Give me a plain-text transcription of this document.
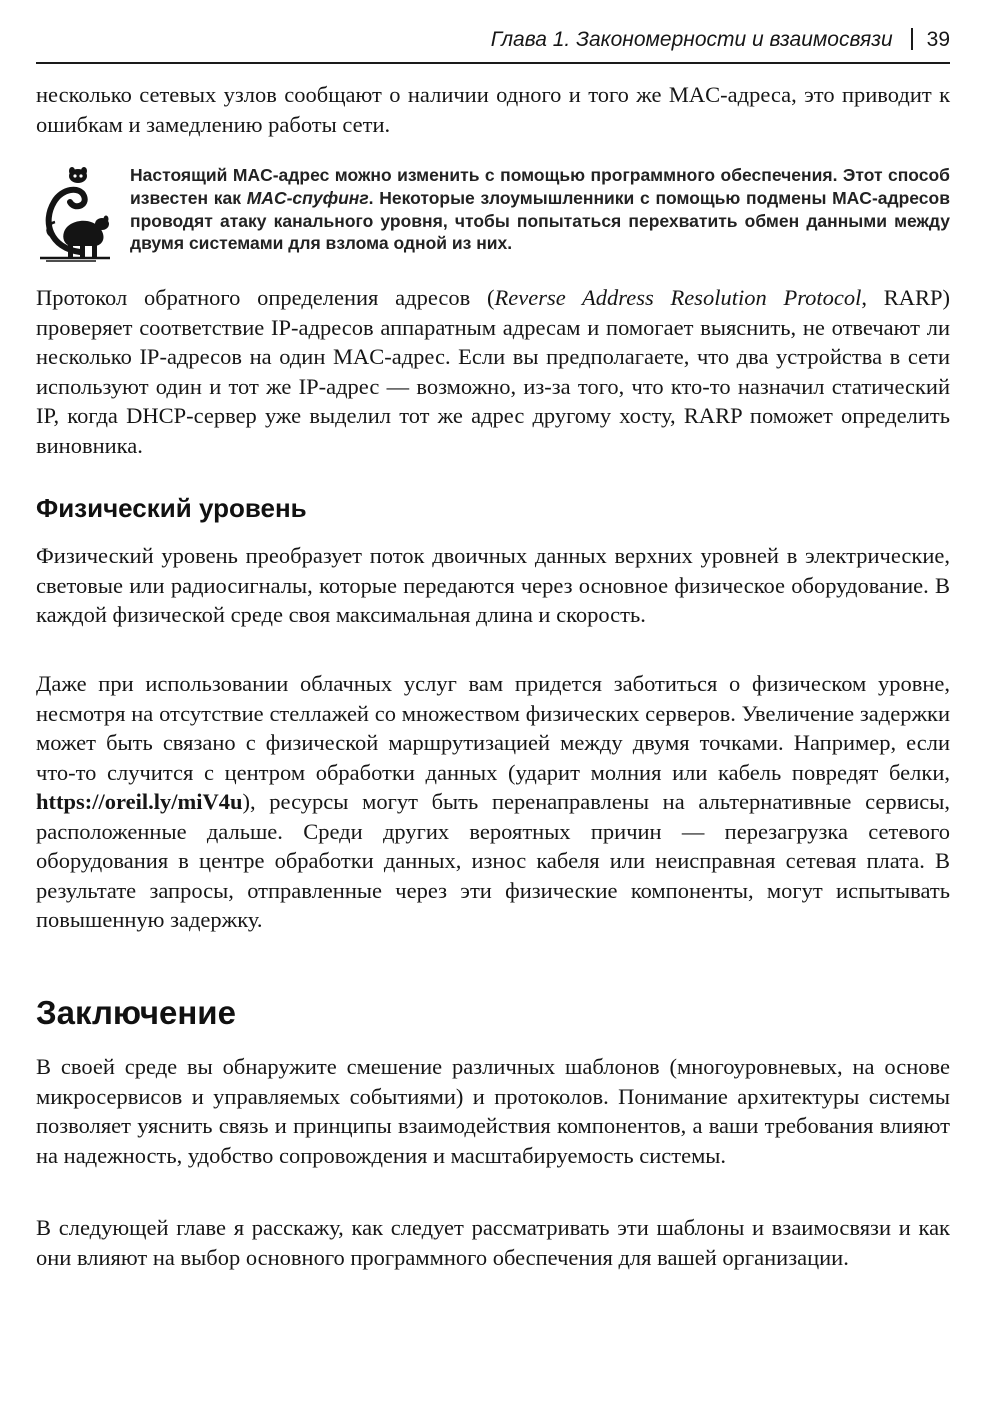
Глава 1. Закономерности и взаимосвязи 39

несколько сетевых узлов сообщают о наличии одного и того же MAC-адреса, это приводит к ошибкам и замедлению работы сети.

Настоящий MAC-адрес можно изменить с помощью программного обеспечения. Этот способ известен как MAC-спуфинг. Некоторые злоумышленники с помощью подмены MAC-адресов проводят атаку канального уровня, чтобы попытаться перехватить обмен данными между двумя системами для взлома одной из них.

Протокол обратного определения адресов (Reverse Address Resolution Protocol, RARP) проверяет соответствие IP-адресов аппаратным адресам и помогает выяснить, не отвечают ли несколько IP-адресов на один MAC-адрес. Если вы предполагаете, что два устройства в сети используют один и тот же IP-адрес — возможно, из-за того, что кто-то назначил статический IP, когда DHCP-сервер уже выделил тот же адрес другому хосту, RARP поможет определить виновника.

Физический уровень

Физический уровень преобразует поток двоичных данных верхних уровней в электрические, световые или радиосигналы, которые передаются через основное физическое оборудование. В каждой физической среде своя максимальная длина и скорость.

Даже при использовании облачных услуг вам придется заботиться о физическом уровне, несмотря на отсутствие стеллажей со множеством физических серверов. Увеличение задержки может быть связано с физической маршрутизацией между двумя точками. Например, если что-то случится с центром обработки данных (ударит молния или кабель повредят белки, https://oreil.ly/miV4u), ресурсы могут быть перенаправлены на альтернативные сервисы, расположенные дальше. Среди других вероятных причин — перезагрузка сетевого оборудования в центре обработки данных, износ кабеля или неисправная сетевая плата. В результате запросы, отправленные через эти физические компоненты, могут испытывать повышенную задержку.

Заключение

В своей среде вы обнаружите смешение различных шаблонов (многоуровневых, на основе микросервисов и управляемых событиями) и протоколов. Понимание архитектуры системы позволяет уяснить связь и принципы взаимодействия компонентов, а ваши требования влияют на надежность, удобство сопровождения и масштабируемость системы.

В следующей главе я расскажу, как следует рассматривать эти шаблоны и взаимосвязи и как они влияют на выбор основного программного обеспечения для вашей организации.
